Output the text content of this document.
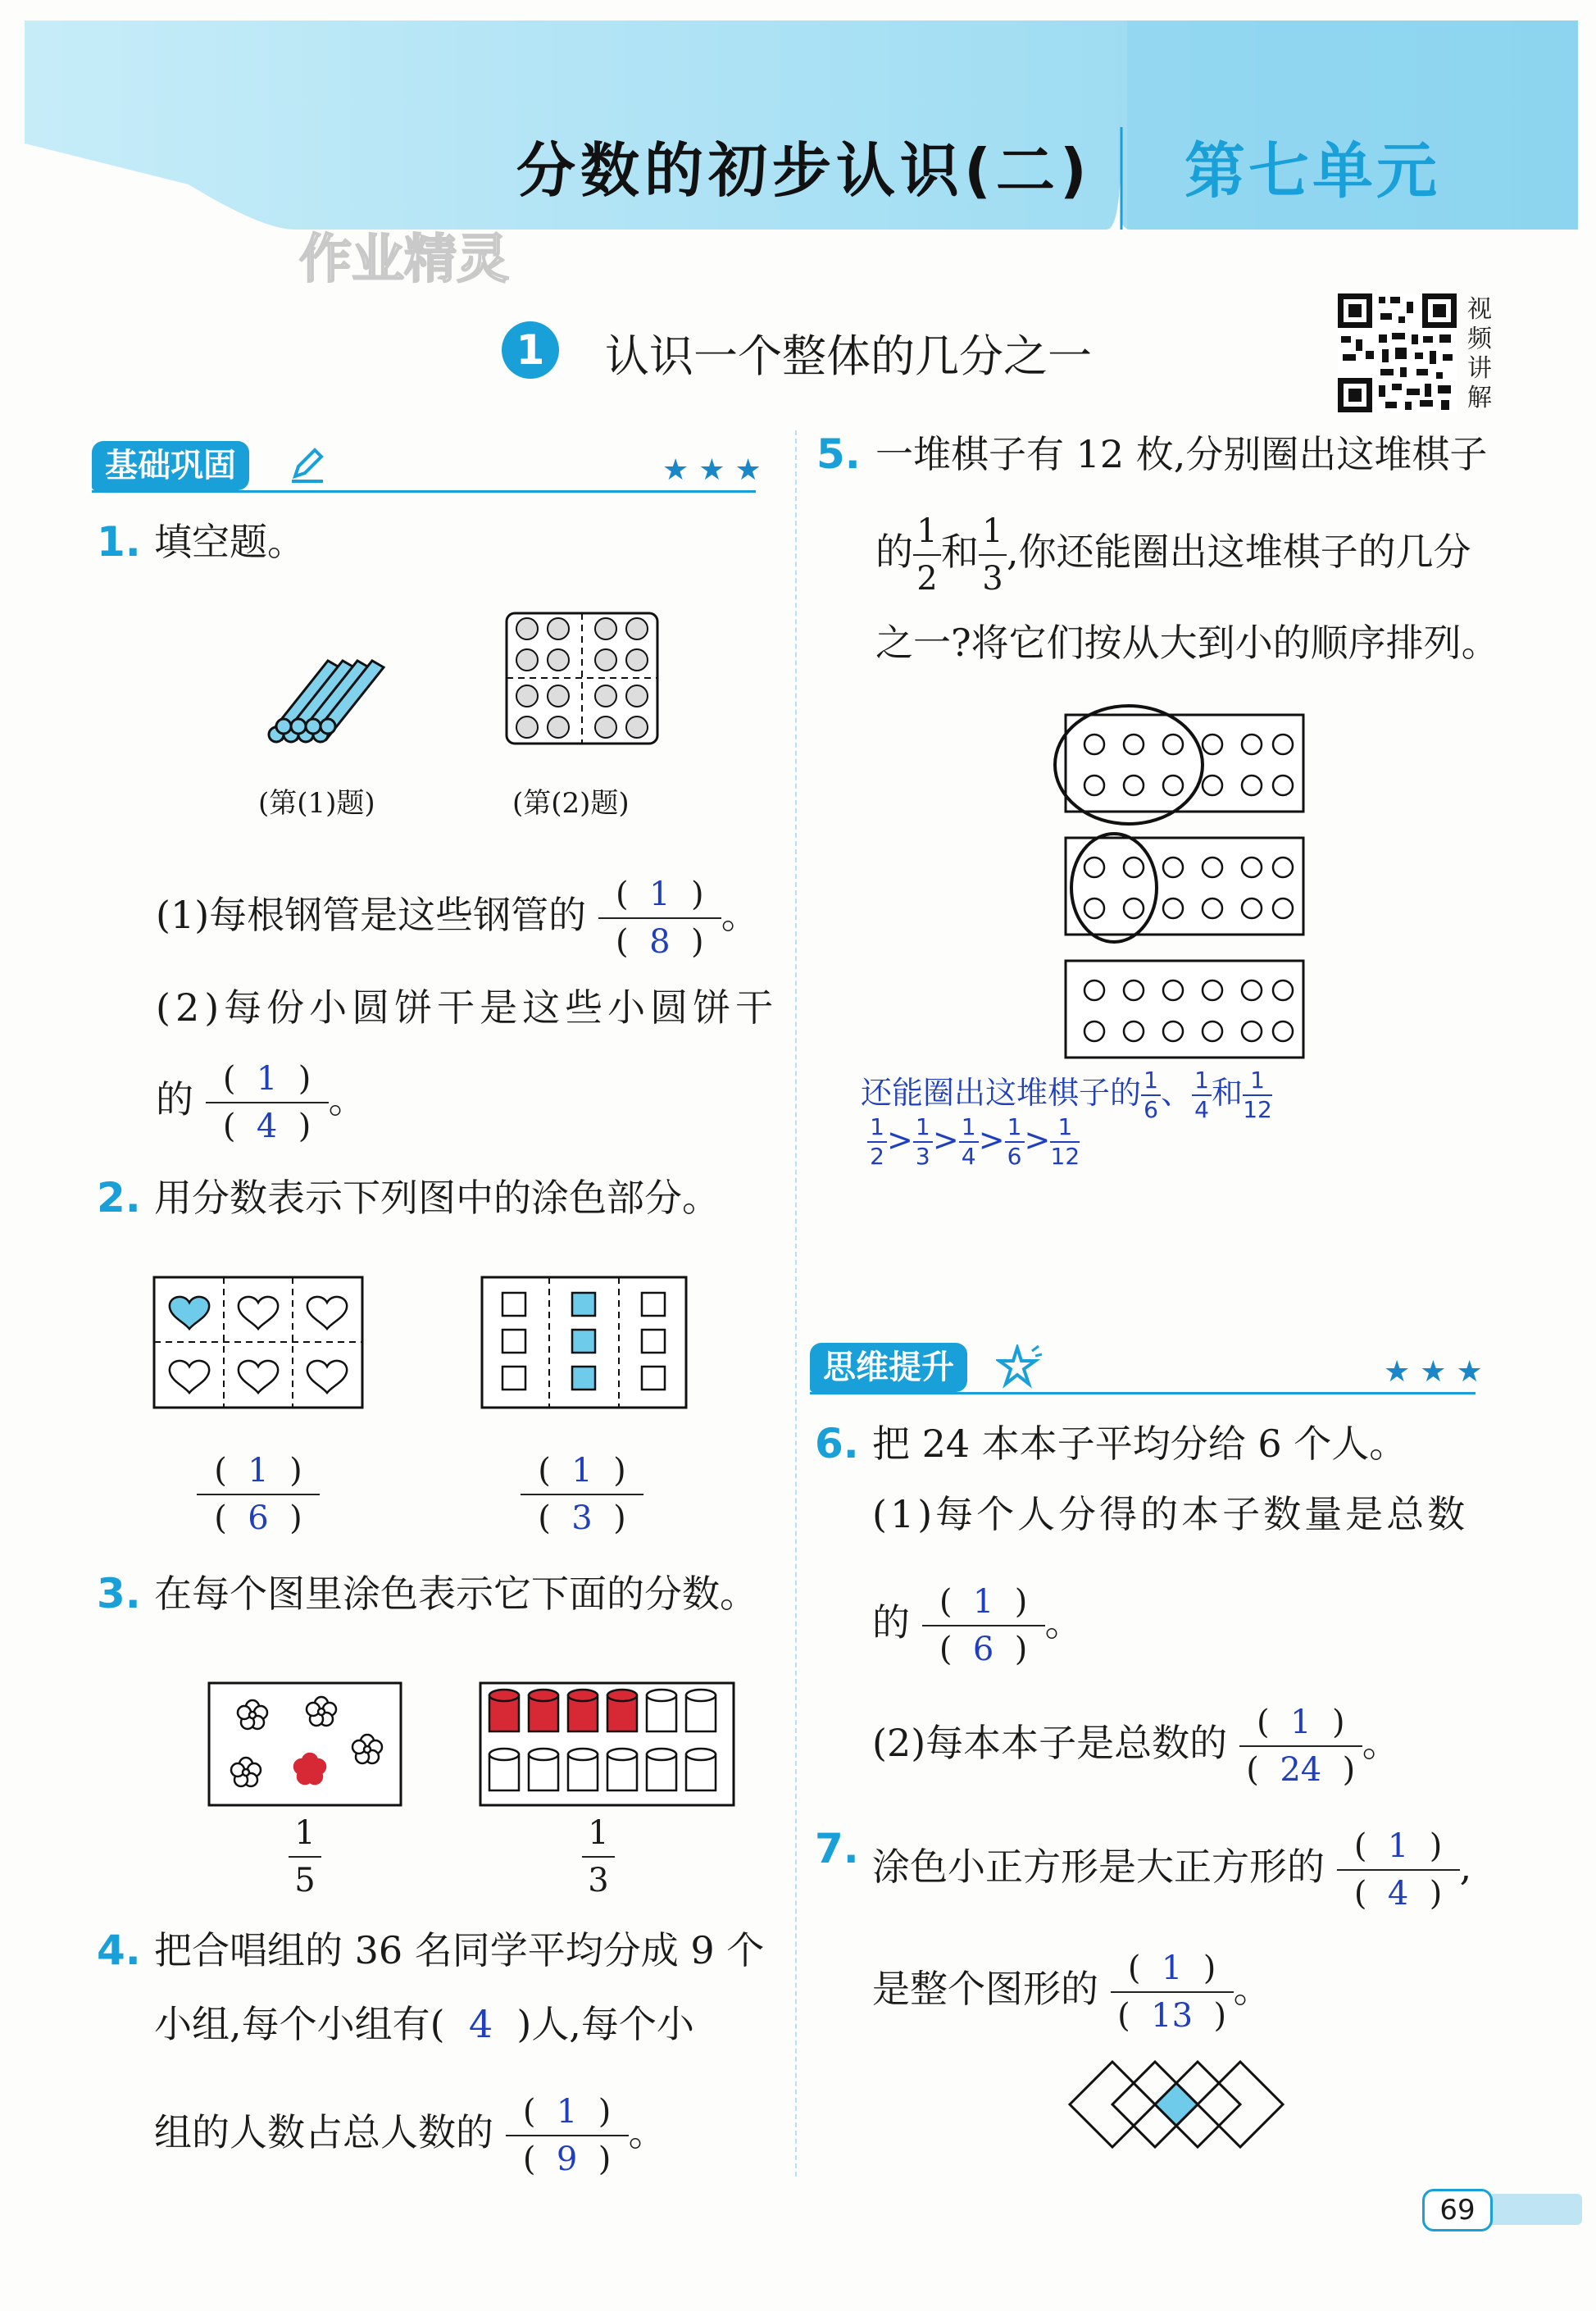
分数的初步认识(二) 第七单元
作业精灵
1	认识一个整体的几分之一
视
频
讲
解
基础巩固	★★★
1. 填空题。
(第(1)题)	(第(2)题)
(1)每根钢管是这些钢管的 $\frac{( 1 )}{( 8 )}$ 。
(2)每份小圆饼干是这些小圆饼干
的 $\frac{( 1 )}{( 4 )}$ 。
2. 用分数表示下列图中的涂色部分。
$\frac{( 1 )}{( 6 )}$	$\frac{( 1 )}{( 3 )}$
3. 在每个图里涂色表示它下面的分数。
$\frac{1}{5}$	$\frac{1}{3}$
4. 把合唱组的 36 名同学平均分成 9 个
小组,每个小组有( 4 )人,每个小
组的人数占总人数的 $\frac{( 1 )}{( 9 )}$ 。
5. 一堆棋子有 12 枚,分别圈出这堆棋子
的 $\frac{1}{2}$ 和 $\frac{1}{3}$ ,你还能圈出这堆棋子的几分
之一?将它们按从大到小的顺序排列。
还能圈出这堆棋子的 $\frac{1}{6}$ 、 $\frac{1}{4}$ 和 $\frac{1}{12}$
$\frac{1}{2} > \frac{1}{3} > \frac{1}{4} > \frac{1}{6} > \frac{1}{12}$
思维提升	★★★
6. 把 24 本本子平均分给 6 个人。
(1)每个人分得的本子数量是总数
的 $\frac{( 1 )}{( 6 )}$ 。
(2)每本本子是总数的 $\frac{( 1 )}{( 24 )}$ 。
7. 涂色小正方形是大正方形的 $\frac{( 1 )}{( 4 )}$ ,
是整个图形的 $\frac{( 1 )}{( 13 )}$ 。
69
